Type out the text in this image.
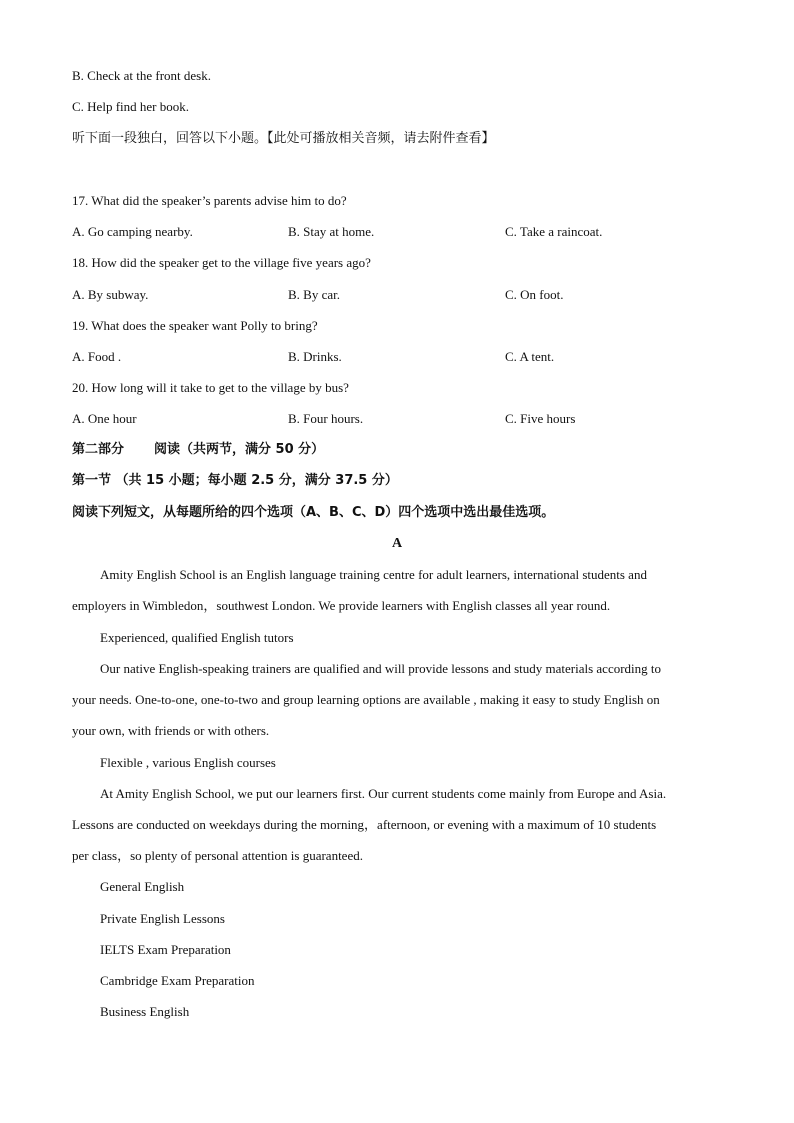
B. Check at the front desk.
C. Help find her book.
听下面一段独白，回答以下小题。【此处可播放相关音频，请去附件查看】
17. What did the speaker’s parents advise him to do?
A. Go camping nearby.	B. Stay at home.	C. Take a raincoat.
18. How did the speaker get to the village five years ago?
A. By subway.	B. By car.	C. On foot.
19. What does the speaker want Polly to bring?
A. Food .	B. Drinks.	C. A tent.
20. How long will it take to get to the village by bus?
A. One hour	B. Four hours.	C. Five hours
第二部分 阅读（共两节，满分 50 分）
第一节 （共 15 小题；每小题 2.5 分，满分 37.5 分）
阅读下列短文，从每题所给的四个选项（A、B、C、D）四个选项中选出最佳选项。
A
Amity English School is an English language training centre for adult learners, international students and
employers in Wimbledon，southwest London. We provide learners with English classes all year round.
Experienced, qualified English tutors
Our native English-speaking trainers are qualified and will provide lessons and study materials according to
your needs. One-to-one, one-to-two and group learning options are available , making it easy to study English on
your own, with friends or with others.
Flexible , various English courses
At Amity English School, we put our learners first. Our current students come mainly from Europe and Asia.
Lessons are conducted on weekdays during the morning，afternoon, or evening with a maximum of 10 students
per class，so plenty of personal attention is guaranteed.
General English
Private English Lessons
IELTS Exam Preparation
Cambridge Exam Preparation
Business English
